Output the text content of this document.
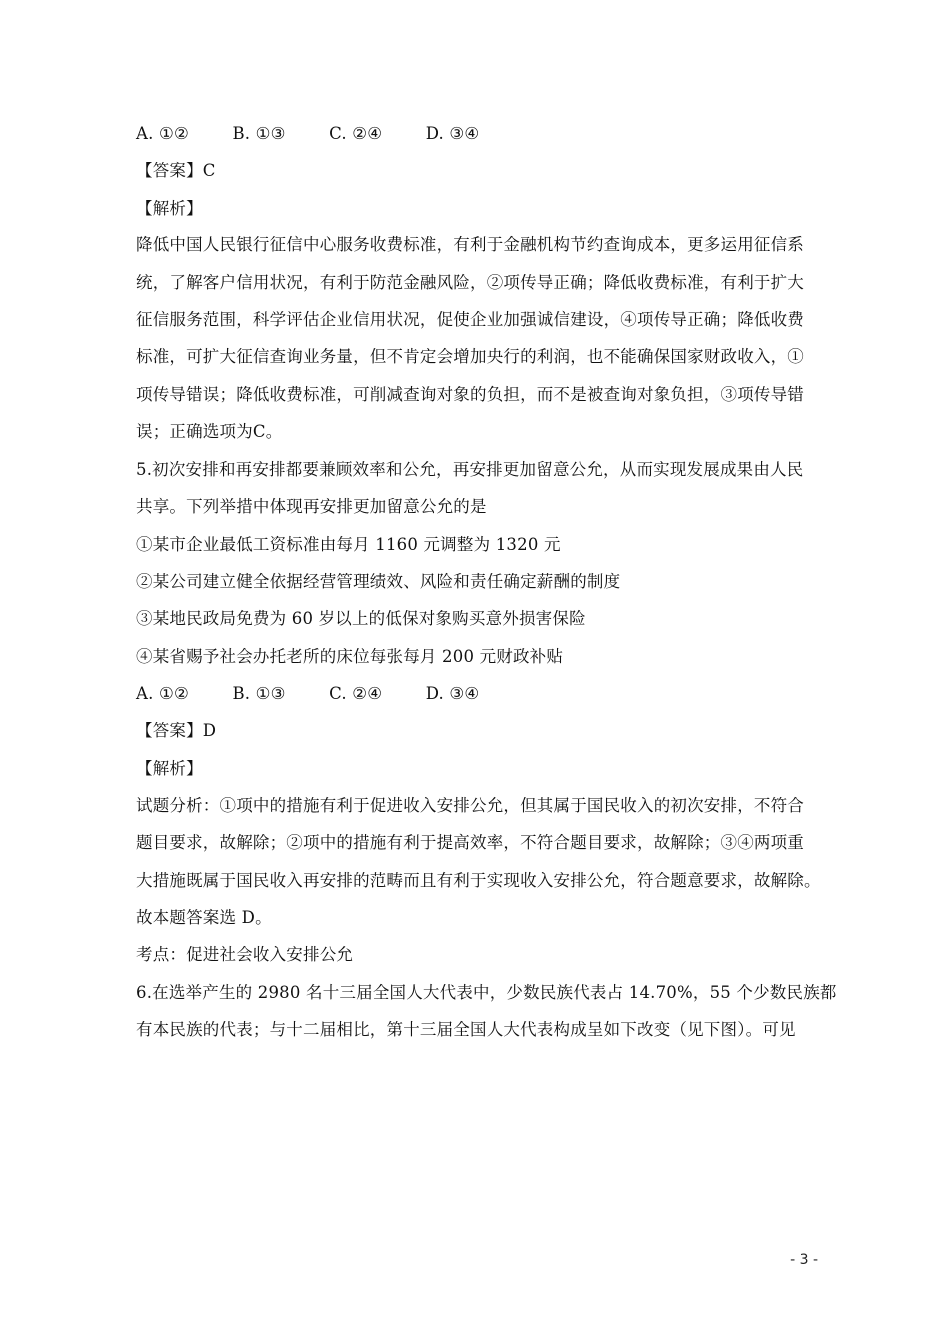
A. ①②	B. ①③	C. ②④	D. ③④
【答案】C
【解析】
降低中国人民银行征信中心服务收费标准，有利于金融机构节约查询成本，更多运用征信系
统，了解客户信用状况，有利于防范金融风险，②项传导正确；降低收费标准，有利于扩大
征信服务范围，科学评估企业信用状况，促使企业加强诚信建设，④项传导正确；降低收费
标准，可扩大征信查询业务量，但不肯定会增加央行的利润，也不能确保国家财政收入，①
项传导错误；降低收费标准，可削减查询对象的负担，而不是被查询对象负担，③项传导错
误；正确选项为C。
5.初次安排和再安排都要兼顾效率和公允，再安排更加留意公允，从而实现发展成果由人民
共享。下列举措中体现再安排更加留意公允的是
①某市企业最低工资标准由每月 1160 元调整为 1320 元
②某公司建立健全依据经营管理绩效、风险和责任确定薪酬的制度
③某地民政局免费为 60 岁以上的低保对象购买意外损害保险
④某省赐予社会办托老所的床位每张每月 200 元财政补贴
A. ①②	B. ①③	C. ②④	D. ③④
【答案】D
【解析】
试题分析：①项中的措施有利于促进收入安排公允，但其属于国民收入的初次安排，不符合
题目要求，故解除；②项中的措施有利于提高效率，不符合题目要求，故解除；③④两项重
大措施既属于国民收入再安排的范畴而且有利于实现收入安排公允，符合题意要求，故解除。
故本题答案选 D。
考点：促进社会收入安排公允
6.在选举产生的 2980 名十三届全国人大代表中，少数民族代表占 14.70%，55 个少数民族都
有本民族的代表；与十二届相比，第十三届全国人大代表构成呈如下改变（见下图）。可见
- 3 -
